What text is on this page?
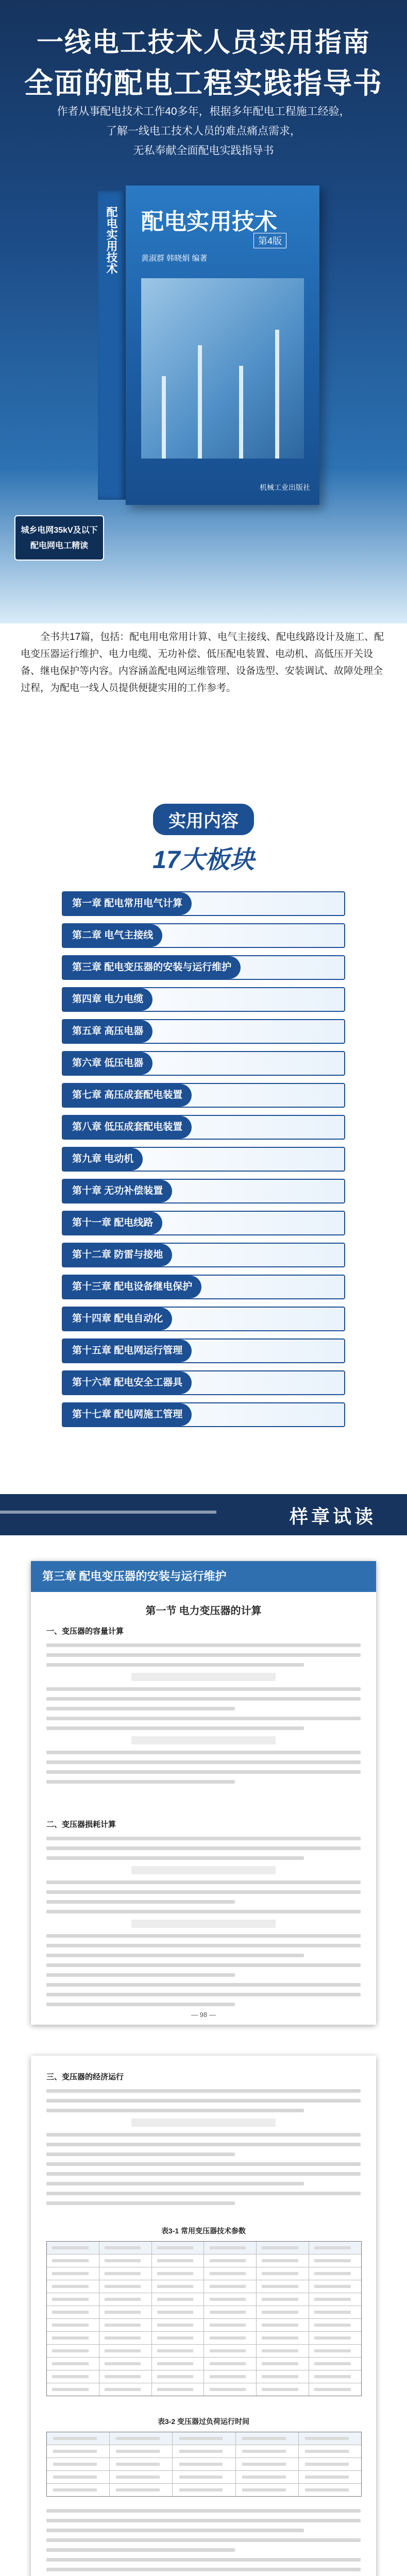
一线电工技术人员实用指南
全面的配电工程实践指导书
作者从事配电技术工作40多年，根据多年配电工程施工经验，
了解一线电工技术人员的难点痛点需求，
无私奉献全面配电实践指导书
配电实用技术 配电实用技术
第4版
黄淑群 韩晓娟 编著
机械工业出版社
城乡电网35kV及以下
配电网电工精读
全书共17篇，包括：配电用电常用计算、电气主接线、配电线路设计及施工、配电变压器运行维护、电力电缆、无功补偿、低压配电装置、电动机、高低压开关设备、继电保护等内容。内容涵盖配电网运维管理、设备选型、安装调试、故障处理全过程，为配电一线人员提供便捷实用的工作参考。
实用内容
17大板块
第一章 配电常用电气计算
第二章 电气主接线
第三章 配电变压器的安装与运行维护
第四章 电力电缆
第五章 高压电器
第六章 低压电器
第七章 高压成套配电装置
第八章 低压成套配电装置
第九章 电动机
第十章 无功补偿装置
第十一章 配电线路
第十二章 防雷与接地
第十三章 配电设备继电保护
第十四章 配电自动化
第十五章 配电网运行管理
第十六章 配电安全工器具
第十七章 配电网施工管理
样章试读
第三章 配电变压器的安装与运行维护
第一节 电力变压器的计算
一、变压器的容量计算
二、变压器损耗计算
— 98 —
三、变压器的经济运行
表3-1 常用变压器技术参数
表3-2 变压器过负荷运行时间
